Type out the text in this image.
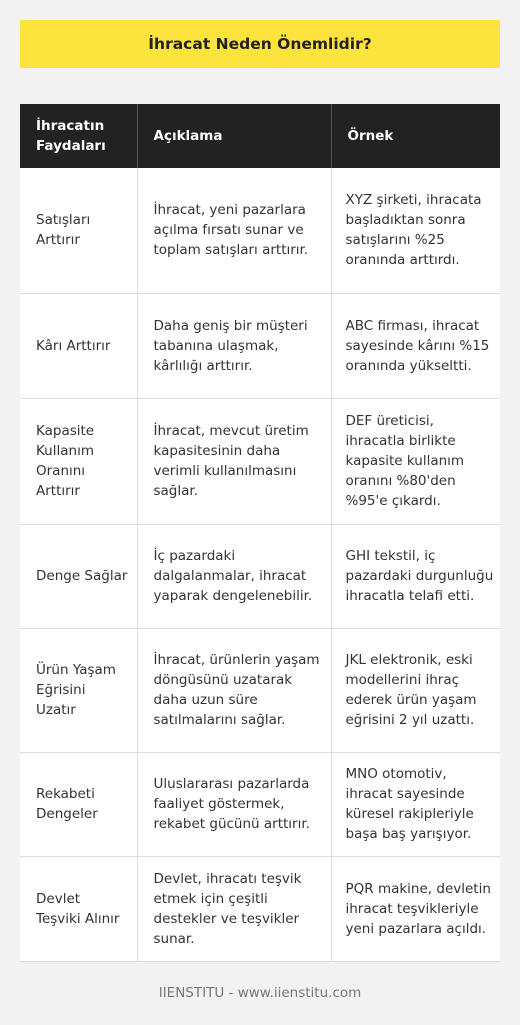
İhracat Neden Önemlidir?
İhracatın Faydaları	Açıklama	Örnek
Satışları Arttırır	İhracat, yeni pazarlara açılma fırsatı sunar ve toplam satışları arttırır.	XYZ şirketi, ihracata başladıktan sonra satışlarını %25 oranında arttırdı.
Kârı Arttırır	Daha geniş bir müşteri tabanına ulaşmak, kârlılığı arttırır.	ABC firması, ihracat sayesinde kârını %15 oranında yükseltti.
Kapasite Kullanım Oranını Arttırır	İhracat, mevcut üretim kapasitesinin daha verimli kullanılmasını sağlar.	DEF üreticisi, ihracatla birlikte kapasite kullanım oranını %80'den %95'e çıkardı.
Denge Sağlar	İç pazardaki dalgalanmalar, ihracat yaparak dengelenebilir.	GHI tekstil, iç pazardaki durgunluğu ihracatla telafi etti.
Ürün Yaşam Eğrisini Uzatır	İhracat, ürünlerin yaşam döngüsünü uzatarak daha uzun süre satılmalarını sağlar.	JKL elektronik, eski modellerini ihraç ederek ürün yaşam eğrisini 2 yıl uzattı.
Rekabeti Dengeler	Uluslararası pazarlarda faaliyet göstermek, rekabet gücünü arttırır.	MNO otomotiv, ihracat sayesinde küresel rakipleriyle başa baş yarışıyor.
Devlet Teşviki Alınır	Devlet, ihracatı teşvik etmek için çeşitli destekler ve teşvikler sunar.	PQR makine, devletin ihracat teşvikleriyle yeni pazarlara açıldı.
IIENSTITU - www.iienstitu.com
